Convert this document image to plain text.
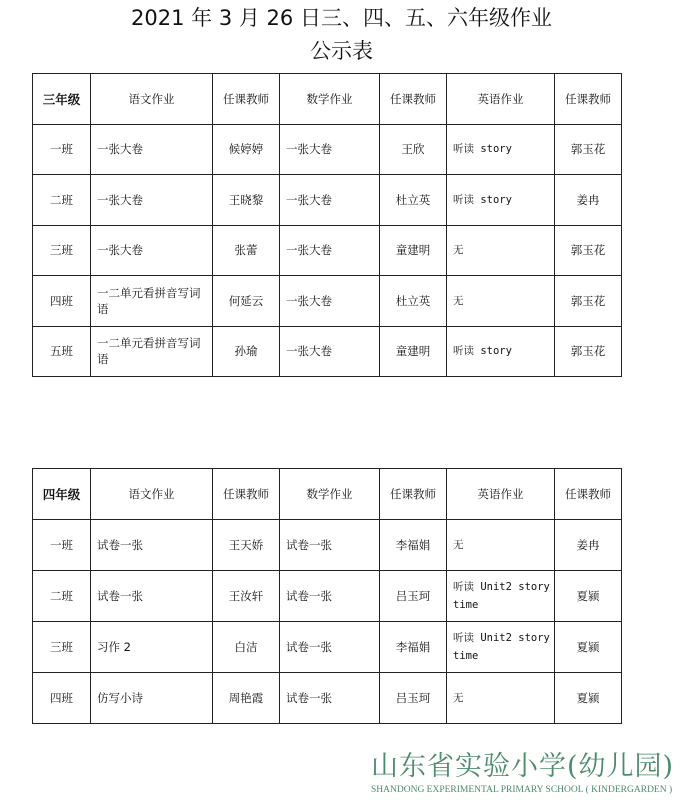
2021 年 3 月 26 日三、四、五、六年级作业
公示表
三年级	语文作业	任课教师	数学作业	任课教师	英语作业	任课教师
一班	一张大卷	候婷婷	一张大卷	王欣	听读 story	郭玉花
二班	一张大卷	王晓黎	一张大卷	杜立英	听读 story	姜冉
三班	一张大卷	张蕾	一张大卷	童建明	无	郭玉花
四班	一二单元看拼音写词语	何延云	一张大卷	杜立英	无	郭玉花
五班	一二单元看拼音写词语	孙瑜	一张大卷	童建明	听读 story	郭玉花
四年级	语文作业	任课教师	数学作业	任课教师	英语作业	任课教师
一班	试卷一张	王天娇	试卷一张	李福娟	无	姜冉
二班	试卷一张	王汝轩	试卷一张	吕玉珂	听读 Unit2 story time	夏颍
三班	习作 2	白洁	试卷一张	李福娟	听读 Unit2 story time	夏颍
四班	仿写小诗	周艳霞	试卷一张	吕玉珂	无	夏颍
山东省实验小学(幼儿园)
SHANDONG EXPERIMENTAL PRIMARY SCHOOL ( KINDERGARDEN )
